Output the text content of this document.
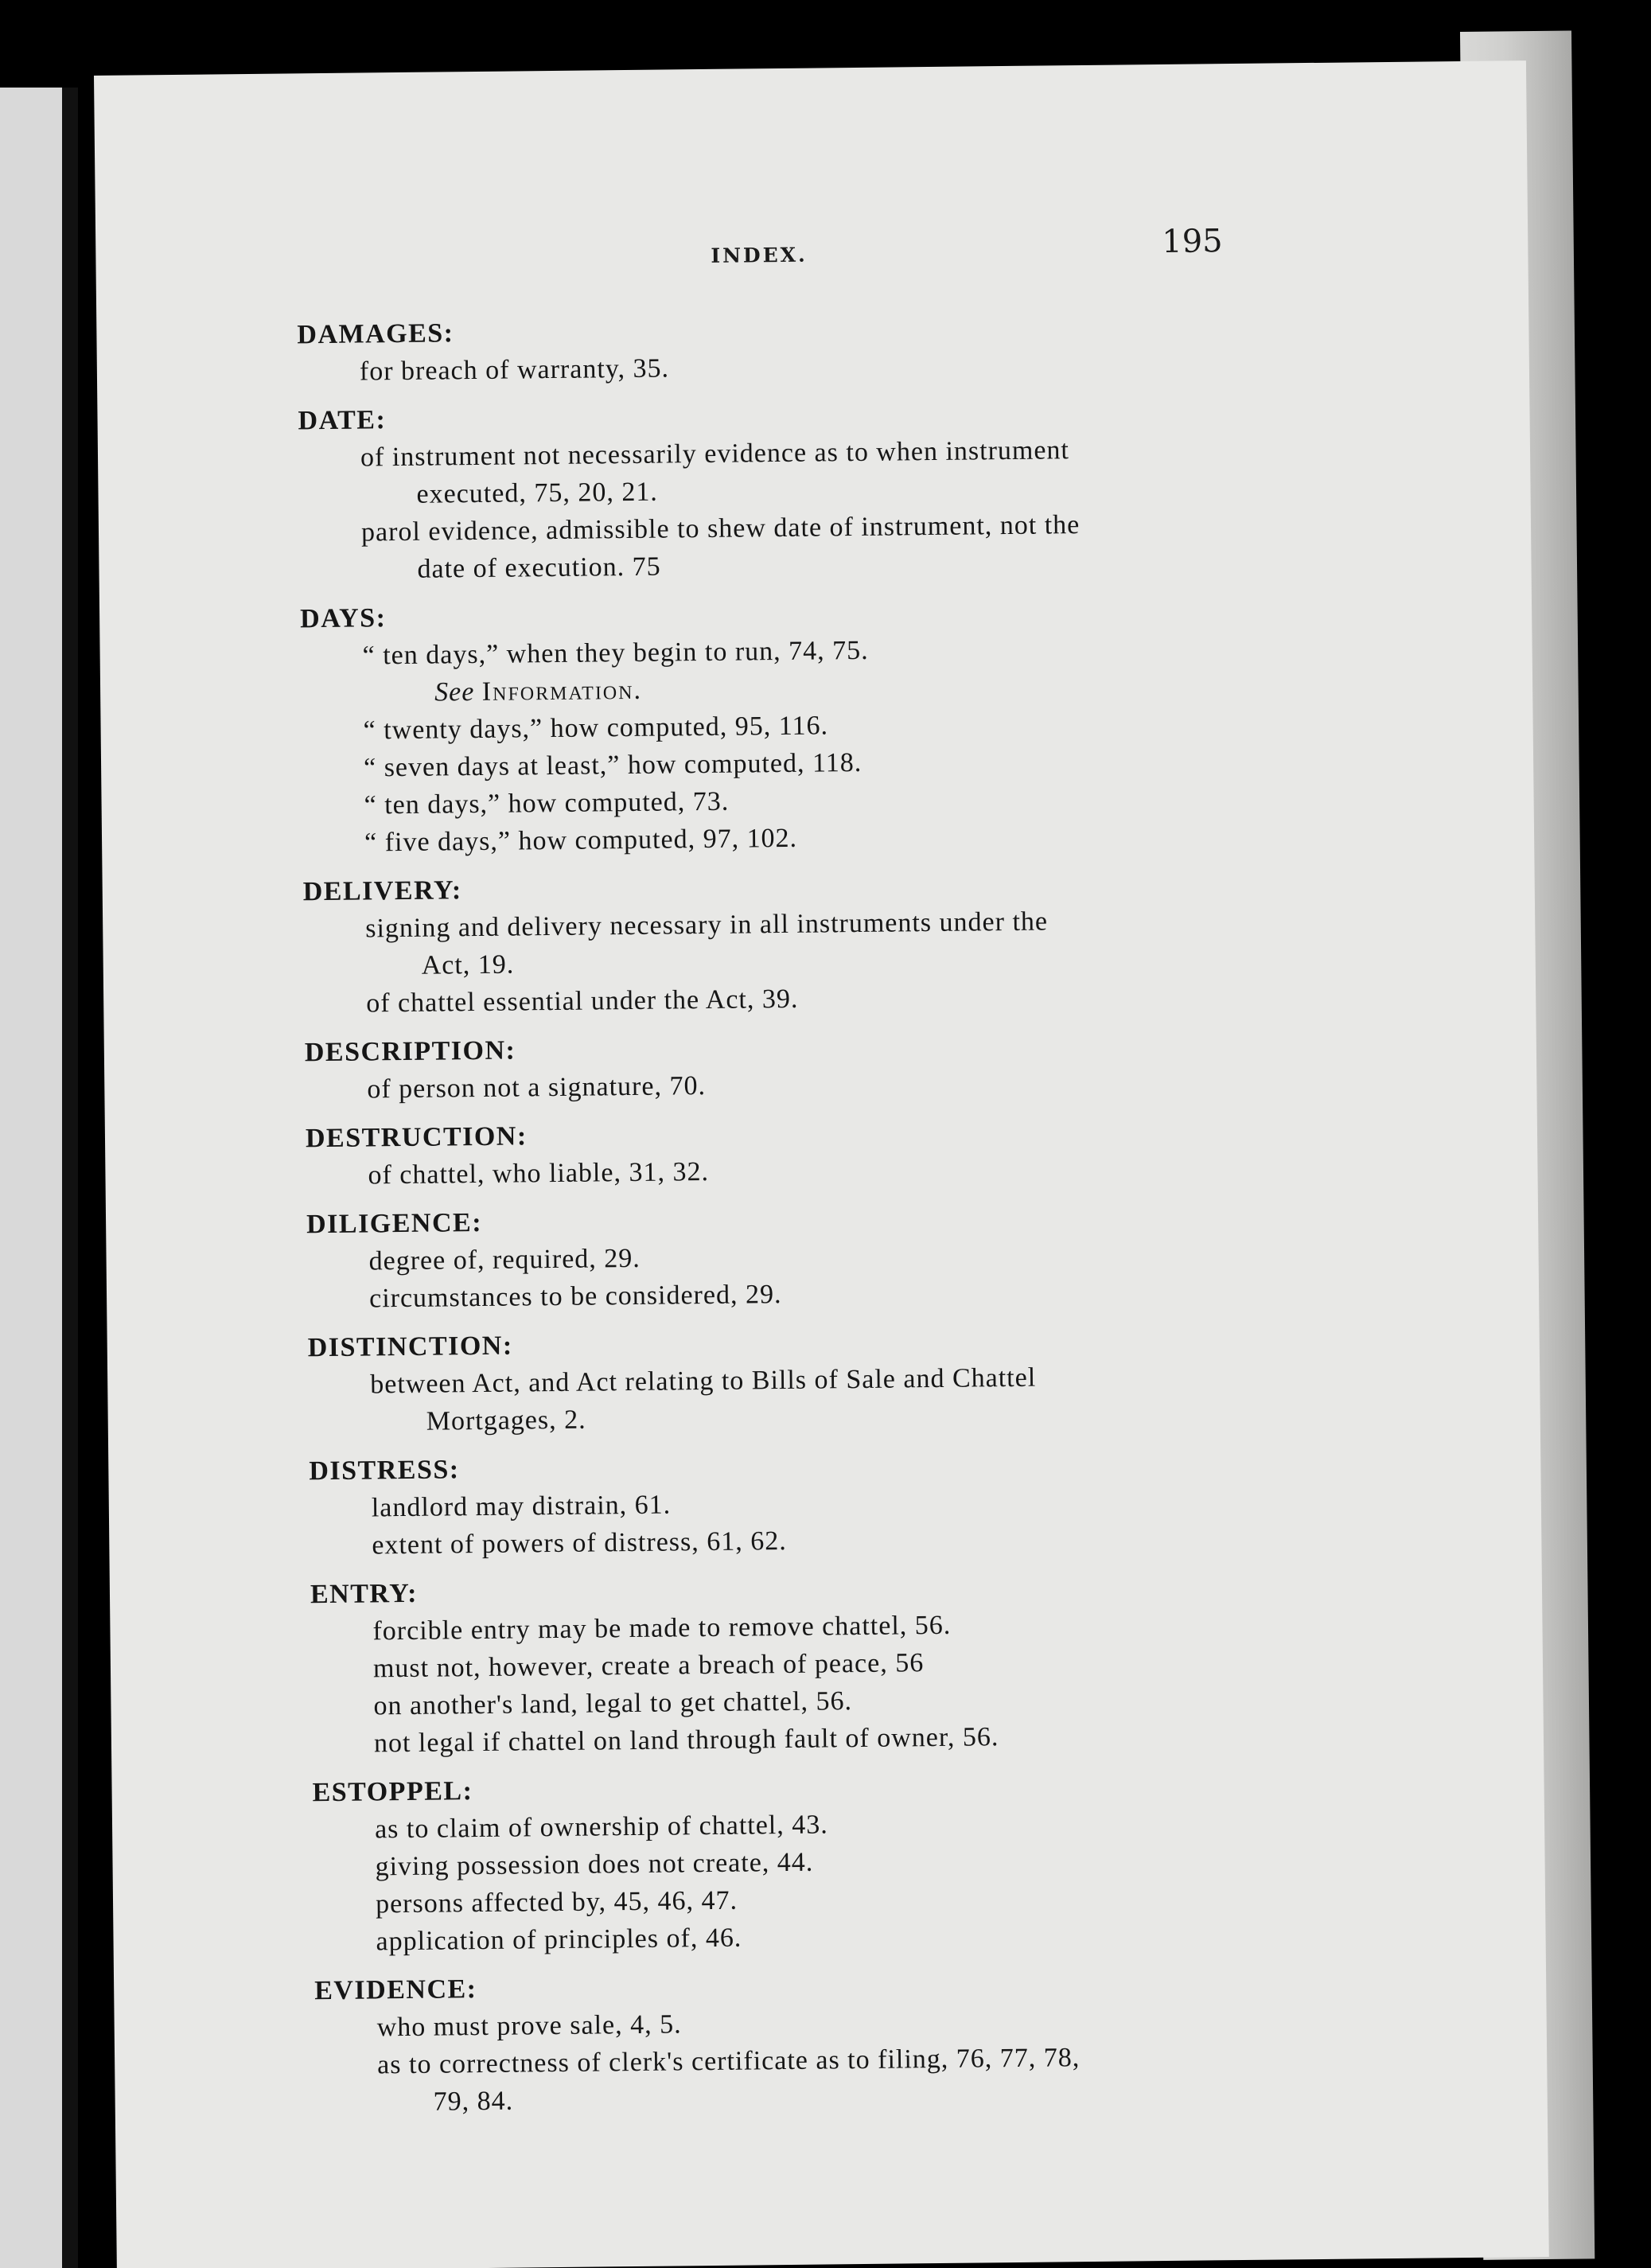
INDEX.	195
DAMAGES:
for breach of warranty, 35.
DATE:
of instrument not necessarily evidence as to when instrument
executed, 75, 20, 21.
parol evidence, admissible to shew date of instrument, not the
date of execution. 75
DAYS:
“ ten days,” when they begin to run, 74, 75.
See Information.
“ twenty days,” how computed, 95, 116.
“ seven days at least,” how computed, 118.
“ ten days,” how computed, 73.
“ five days,” how computed, 97, 102.
DELIVERY:
signing and delivery necessary in all instruments under the
Act, 19.
of chattel essential under the Act, 39.
DESCRIPTION:
of person not a signature, 70.
DESTRUCTION:
of chattel, who liable, 31, 32.
DILIGENCE:
degree of, required, 29.
circumstances to be considered, 29.
DISTINCTION:
between Act, and Act relating to Bills of Sale and Chattel
Mortgages, 2.
DISTRESS:
landlord may distrain, 61.
extent of powers of distress, 61, 62.
ENTRY:
forcible entry may be made to remove chattel, 56.
must not, however, create a breach of peace, 56
on another's land, legal to get chattel, 56.
not legal if chattel on land through fault of owner, 56.
ESTOPPEL:
as to claim of ownership of chattel, 43.
giving possession does not create, 44.
persons affected by, 45, 46, 47.
application of principles of, 46.
EVIDENCE:
who must prove sale, 4, 5.
as to correctness of clerk's certificate as to filing, 76, 77, 78,
79, 84.
